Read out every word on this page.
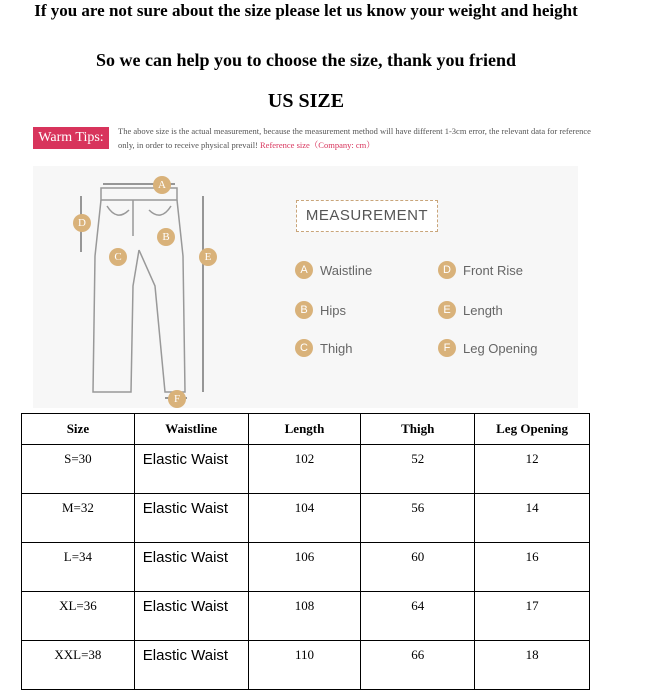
If you are not sure about the size please let us know your weight and height
So we can help you to choose the size, thank you friend
US SIZE
Warm Tips:	The above size is the actual measurement, because the measurement method will have different 1-3cm error, the relevant data for reference only, in order to receive physical prevail! Reference size（Company: cm）
A
B
C
D
E
F
MEASUREMENT
A Waistline	D Front Rise
B Hips	E Length
C Thigh	F Leg Opening
Size	Waistline	Length	Thigh	Leg Opening
S=30	Elastic Waist	102	52	12
M=32	Elastic Waist	104	56	14
L=34	Elastic Waist	106	60	16
XL=36	Elastic Waist	108	64	17
XXL=38	Elastic Waist	110	66	18
